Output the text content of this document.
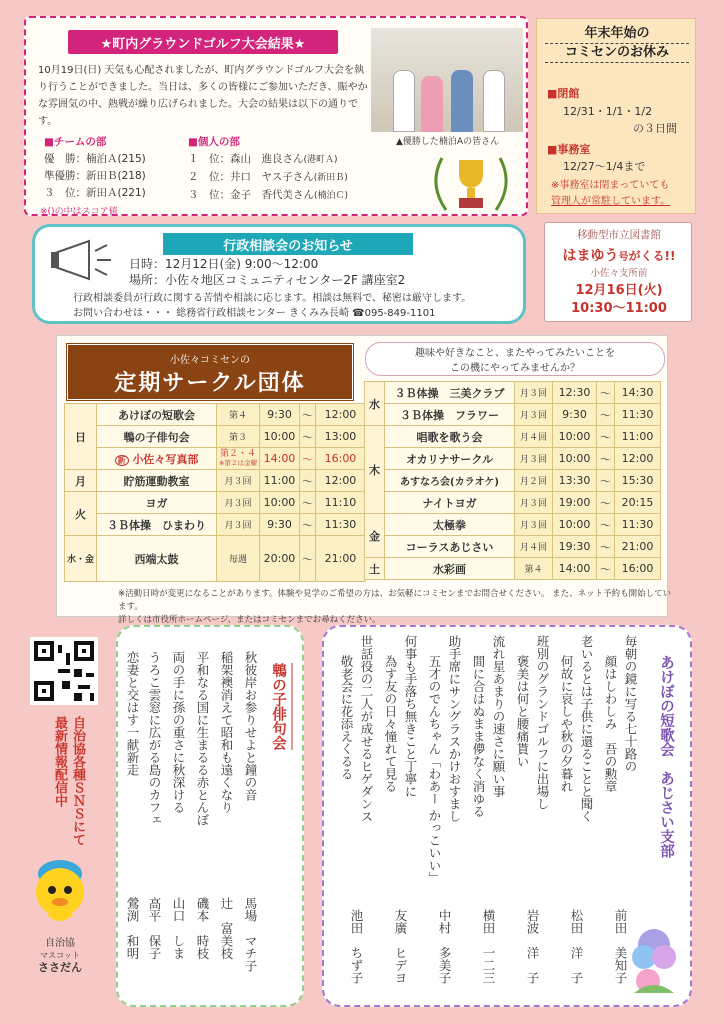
★町内グラウンドゴルフ大会結果★
10月19日(日) 天気も心配されましたが、町内グラウンドゴルフ大会を執り行うことができました。当日は、多くの皆様にご参加いただき、賑やかな雰囲気の中、熱戦が繰り広げられました。大会の結果は以下の通りです。
▲優勝した楠泊Aの皆さん
■チームの部
優　勝：楠泊Ａ(215)
準優勝：新田Ｂ(218)
３　位：新田Ａ(221)
■個人の部
１　位：森山　進良さん(港町Ａ)
２　位：井口　ヤス子さん(新田Ｂ)
３　位：金子　香代美さん(楠泊Ｃ)
※()の中はスコア値
年末年始の
コミセンのお休み
■閉館
12/31・1/1・1/2
の３日間
■事務室
12/27～1/4まで
※事務室は閉まっていても
管理人が常駐しています。
行政相談会のお知らせ
日時：12月12日(金) 9:00～12:00
場所：小佐々地区コミュニティセンター2F 講座室2
行政相談委員が行政に関する苦情や相談に応じます。相談は無料で、秘密は厳守します。
お問い合わせは・・・ 総務省行政相談センター きくみみ長崎 ☎095-849-1101
移動型市立図書館
はまゆう号がくる!!
小佐々支所前
12月16日(火)
10:30～11:00
小佐々コミセンの
定期サークル団体
趣味や好きなこと、またやってみたいことを
この機にやってみませんか？
日	あけぼの短歌会	第４	9:30	～	12:00
	鵯の子俳句会	第３	10:00	～	13:00
	新 小佐々写真部	第２・４
※第２は金曜	14:00	～	16:00
月	貯筋運動教室	月３回	11:00	～	12:00
火	ヨガ	月３回	10:00	～	11:10
	３Ｂ体操　ひまわり	月３回	9:30	～	11:30
水・金	西端太鼓	毎週	20:00	～	21:00
水	３Ｂ体操　三美クラブ	月３回	12:30	～	14:30
	３Ｂ体操　フラワー	月３回	9:30	～	11:30
木	唱歌を歌う会	月４回	10:00	～	11:00
	オカリナサークル	月３回	10:00	～	12:00
	あすなろ会(カラオケ)	月２回	13:30	～	15:30
	ナイトヨガ	月３回	19:00	～	20:15
金	太極拳	月３回	10:00	～	11:30
	コーラスあじさい	月４回	19:30	～	21:00
土	水彩画	第４	14:00	～	16:00
※活動日時が変更になることがあります。体験や見学のご希望の方は、お気軽にコミセンまでお問合せください。 また、ネット予約も開始しています。
詳しくは市役所ホームページ、またはコミセンまでお尋ねください。
自治協各種ＳＮＳにて最新情報配信中
自治協
マスコット
ささだん
鵯の子俳句会
秋彼岸お参りせよと鐘の音
馬場　マチ子
稲架襖消えて昭和も遠くなり
辻　富美枝
平和なる国に生まるる赤とんぼ
磯本　時枝
両の手に孫の重さに秋深ける
山口　しま
うろこ雲窓に広がる島のカフェ
高平　保子
恋妻と交はす一献新走
鶯渕　和明
あけぼの短歌会　あじさい支部
毎朝の鏡に写る七十路の
顔はしわしみ　吾の勲章
前田　美知子
老いるとは子供に還ることと聞く
何故に哀しや秋の夕暮れ
松田　洋　子
班別のグランドゴルフに出場し
褒美は何と腰痛貰い
岩波　洋　子
流れ星あまりの速さに願い事
間に合はぬまま儚なく消ゆる
横田　一二三
助手席にサングラスかけおすまし
五才のでんちゃん「わあー かっこいい」
中村　多美子
何事も手落ち無きこと丁寧に
為す友の日々憧れて見る
友廣　ヒデヨ
世話役の二人が成せるヒゲダンス
敬老会に花添えくるる
池田　ちず子
